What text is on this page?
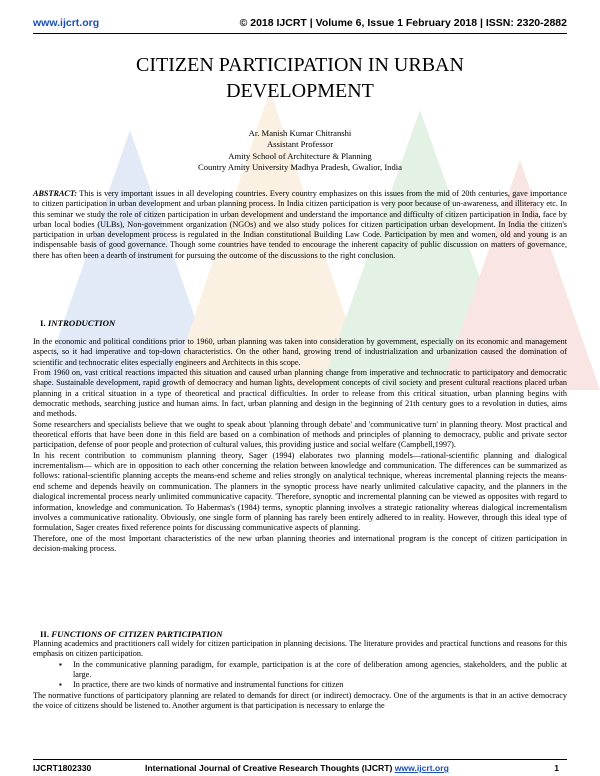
www.ijcrt.org	© 2018 IJCRT | Volume 6, Issue 1 February 2018 | ISSN: 2320-2882
CITIZEN PARTICIPATION IN URBAN
DEVELOPMENT
Ar. Manish Kumar Chitranshi
Assistant Professor
Amity School of Architecture & Planning
Country Amity University Madhya Pradesh, Gwalior, India
ABSTRACT: This is very important issues in all developing countries. Every country emphasizes on this issues from the mid of 20th centuries, gave importance to citizen participation in urban development and urban planning process. In India citizen participation is very poor because of un-awareness, and illiteracy etc. In this seminar we study the role of citizen participation in urban development and understand the importance and difficulty of citizen participation in India, face by urban local bodies (ULBs), Non-government organization (NGOs) and we also study polices for citizen participation urban development. In India the citizen's participation in urban development process is regulated in the Indian constitutional Building Law Code. Participation by men and women, old and young is an indispensable basis of good governance. Though some countries have tended to encourage the inherent capacity of public discussion on matters of governance, there has often been a dearth of instrument for pursuing the outcome of the discussions to the right conclusion.
I. INTRODUCTION

In the economic and political conditions prior to 1960, urban planning was taken into consideration by government, especially on its economic and management aspects, so it had imperative and top-down characteristics. On the other hand, growing trend of industrialization and urbanization caused the domination of scientific and technocratic elites especially engineers and Architects in this scope.

From 1960 on, vast critical reactions impacted this situation and caused urban planning change from imperative and technocratic to participatory and democratic shape. Sustainable development, rapid growth of democracy and human lights, development concepts of civil society and present cultural reactions placed urban planning in a critical situation in a type of theoretical and practical difficulties. In order to release from this critical situation, urban planning begins with democratic methods, searching justice and human aims. In fact, urban planning and design in the beginning of 21th century goes to a revolution in duties, aims and methods.

Some researchers and specialists believe that we ought to speak about 'planning through debate' and 'communicative turn' in planning theory. Most practical and theoretical efforts that have been done in this field are based on a combination of methods and principles of planning to democracy, public and private sector participation, defense of poor people and protection of cultural values, this providing justice and social welfare (Campbell,1997).

In his recent contribution to communism planning theory, Sager (1994) elaborates two planning models—rational-scientific planning and dialogical incrementalism— which are in opposition to each other concerning the relation between knowledge and communication. The differences can be summarized as follows: rational-scientific planning accepts the means-end scheme and relies strongly on analytical technique, whereas incremental planning rejects the means-end scheme and depends heavily on communication. The planners in the synoptic process have nearly unlimited calculative capacity, and the planners in the dialogical incremental process nearly unlimited communicative capacity. 'Therefore, synoptic and incremental planning can be viewed as opposites with regard to information, knowledge and communication. To Habermas's (1984) terms, synoptic planning involves a strategic rationality whereas dialogical incrementalism involves a communicative rationality. Obviously, one single form of planning has rarely been entirely adhered to in reality. However, through this ideal type of formulation, Sager creates fixed reference points for discussing communicative aspects of planning.

Therefore, one of the most Important characteristics of the new urban planning theories and international program is the concept of citizen participation in decision-making process.

II. FUNCTIONS OF CITIZEN PARTICIPATION

Planning academics and practitioners call widely for citizen participation in planning decisions. The literature provides and practical functions and reasons for this emphasis on citizen participation.

▪ In the communicative planning paradigm, for example, participation is at the core of deliberation among agencies, stakeholders, and the public at large.
▪ In practice, there are two kinds of normative and instrumental functions for citizen

The normative functions of participatory planning are related to demands for direct (or indirect) democracy. One of the arguments is that in an active democracy the voice of citizens should be listened to. Another argument is that participation is necessary to enlarge the

IJCRT1802330	International Journal of Creative Research Thoughts (IJCRT) www.ijcrt.org	1
